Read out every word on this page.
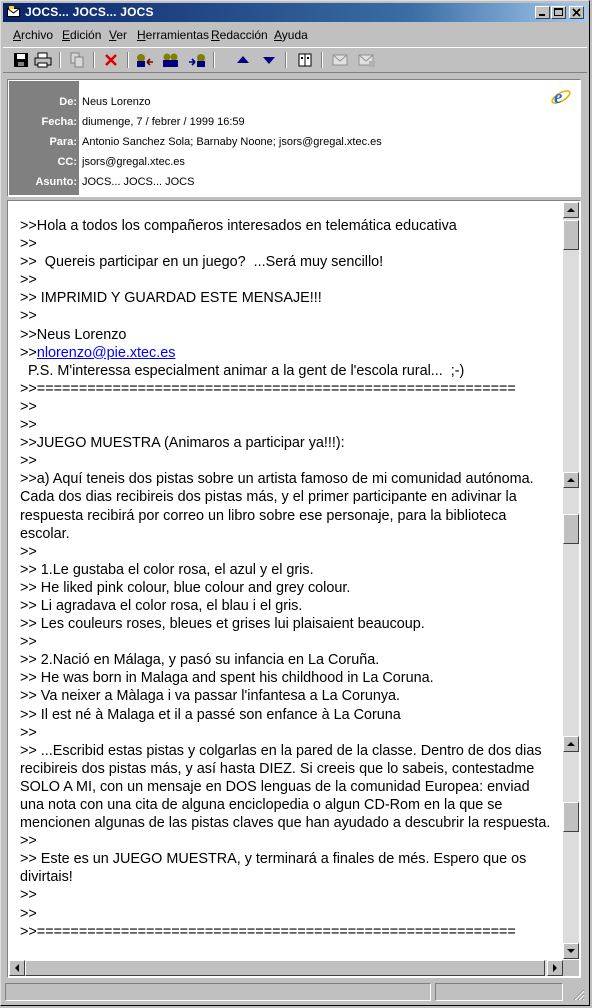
JOCS... JOCS... JOCS
Archivo Edición Ver Herramientas Redacción Ayuda
De: Neus Lorenzo
Fecha: diumenge, 7 / febrer / 1999 16:59
Para: Antonio Sanchez Sola; Barnaby Noone; jsors@gregal.xtec.es
CC: jsors@gregal.xtec.es
Asunto: JOCS... JOCS... JOCS
e
>>Hola a todos los compañeros interesados en telemática educativa
>>
>>  Quereis participar en un juego?  ...Será muy sencillo!
>>
>> IMPRIMID Y GUARDAD ESTE MENSAJE!!!
>>
>>Neus Lorenzo
>>nlorenzo@pie.xtec.es
P.S. M'interessa especialment animar a la gent de l'escola rural...  ;-)
>>=========================================================
>>
>>
>>JUEGO MUESTRA (Animaros a participar ya!!!):
>>
>>a) Aquí teneis dos pistas sobre un artista famoso de mi comunidad autónoma. Cada dos dias recibireis dos pistas más, y el primer participante en adivinar la respuesta recibirá por correo un libro sobre ese personaje, para la biblioteca escolar.
>>
>> 1.Le gustaba el color rosa, el azul y el gris.
>> He liked pink colour, blue colour and grey colour.
>> Li agradava el color rosa, el blau i el gris.
>> Les couleurs roses, bleues et grises lui plaisaient beaucoup.
>>
>> 2.Nació en Málaga, y pasó su infancia en La Coruña.
>> He was born in Malaga and spent his childhood in La Coruna.
>> Va neixer a Màlaga i va passar l'infantesa a La Corunya.
>> Il est né à Malaga et il a passé son enfance à La Coruna
>>
>> ...Escribid estas pistas y colgarlas en la pared de la classe. Dentro de dos dias recibireis dos pistas más, y así hasta DIEZ. Si creeis que lo sabeis, contestadme SOLO A MI, con un mensaje en DOS lenguas de la comunidad Europea: enviad una nota con una cita de alguna enciclopedia o algun CD-Rom en la que se mencionen algunas de las pistas claves que han ayudado a descubrir la respuesta.
>>
>> Este es un JUEGO MUESTRA, y terminará a finales de més. Espero que os
divirtais!
>>
>>
>>=========================================================
